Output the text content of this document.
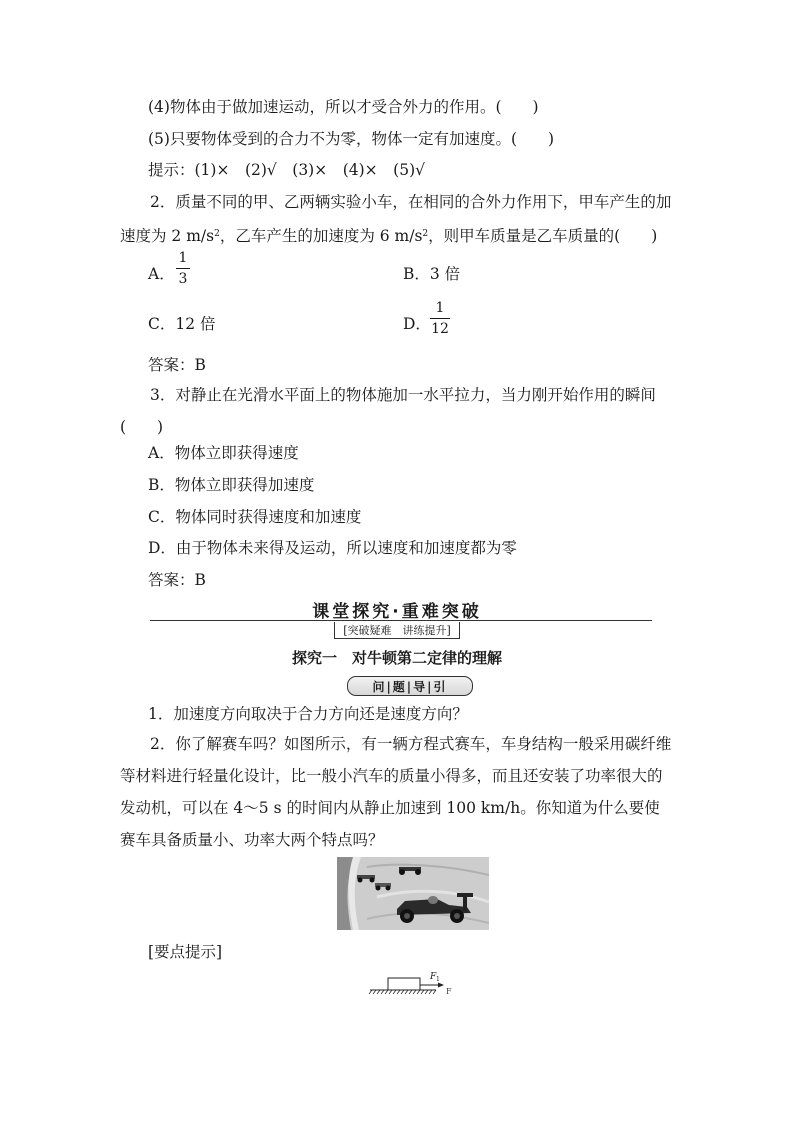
(4)物体由于做加速运动，所以才受合外力的作用。(　　)
(5)只要物体受到的合力不为零，物体一定有加速度。(　　)
提示：(1)×　(2)√　(3)×　(4)×　(5)√
2．质量不同的甲、乙两辆实验小车，在相同的合外力作用下，甲车产生的加速度为 2 $m/s^2$，乙车产生的加速度为 6 $m/s^2$，则甲车质量是乙车质量的(　　)
A．
1
3	B．3 倍
C．12 倍	D．
1
12
答案：B
3．对静止在光滑水平面上的物体施加一水平拉力，当力刚开始作用的瞬间(　　)
A．物体立即获得速度
B．物体立即获得加速度
C．物体同时获得速度和加速度
D．由于物体未来得及运动，所以速度和加速度都为零
答案：B
课堂探究·重难突破
[突破疑难　讲练提升]
探究一　对牛顿第二定律的理解
问|题|导|引
1．加速度方向取决于合力方向还是速度方向？
2．你了解赛车吗？如图所示，有一辆方程式赛车，车身结构一般采用碳纤维等材料进行轻量化设计，比一般小汽车的质量小得多，而且还安装了功率很大的发动机，可以在 4～5 s 的时间内从静止加速到 100 km/h。你知道为什么要使赛车具备质量小、功率大两个特点吗？
[要点提示]
F 1
F
